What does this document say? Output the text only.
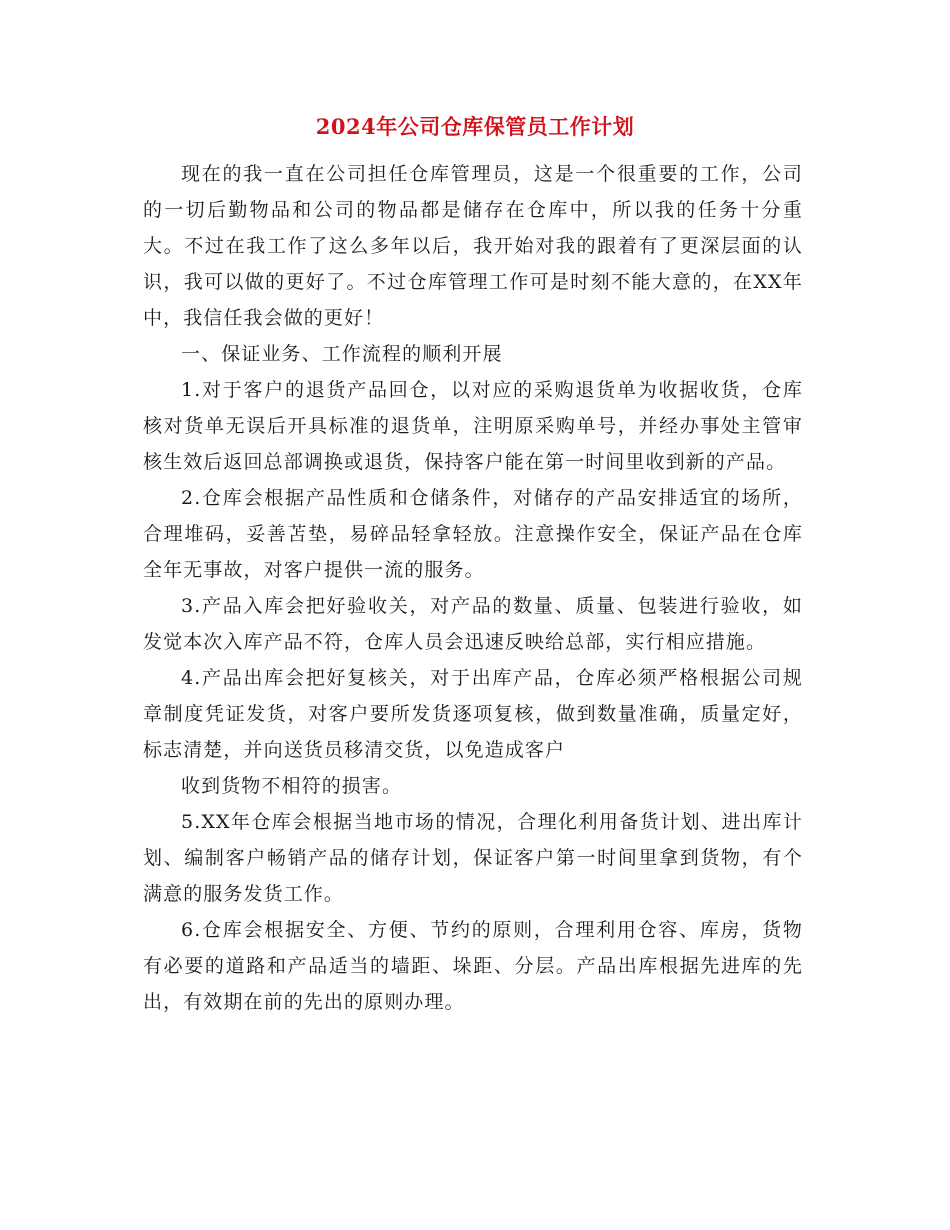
2024年公司仓库保管员工作计划

现在的我一直在公司担任仓库管理员，这是一个很重要的工作，公司的一切后勤物品和公司的物品都是储存在仓库中，所以我的任务十分重大。不过在我工作了这么多年以后，我开始对我的跟着有了更深层面的认识，我可以做的更好了。不过仓库管理工作可是时刻不能大意的，在XX年中，我信任我会做的更好！

一、保证业务、工作流程的顺利开展

1.对于客户的退货产品回仓，以对应的采购退货单为收据收货，仓库核对货单无误后开具标准的退货单，注明原采购单号，并经办事处主管审核生效后返回总部调换或退货，保持客户能在第一时间里收到新的产品。

2.仓库会根据产品性质和仓储条件，对储存的产品安排适宜的场所，合理堆码，妥善苫垫，易碎品轻拿轻放。注意操作安全，保证产品在仓库全年无事故，对客户提供一流的服务。

3.产品入库会把好验收关，对产品的数量、质量、包装进行验收，如发觉本次入库产品不符，仓库人员会迅速反映给总部，实行相应措施。

4.产品出库会把好复核关，对于出库产品，仓库必须严格根据公司规章制度凭证发货，对客户要所发货逐项复核，做到数量准确，质量定好，标志清楚，并向送货员移清交货，以免造成客户

收到货物不相符的损害。

5.XX年仓库会根据当地市场的情况，合理化利用备货计划、进出库计划、编制客户畅销产品的储存计划，保证客户第一时间里拿到货物，有个满意的服务发货工作。

6.仓库会根据安全、方便、节约的原则，合理利用仓容、库房，货物有必要的道路和产品适当的墙距、垛距、分层。产品出库根据先进库的先出，有效期在前的先出的原则办理。
